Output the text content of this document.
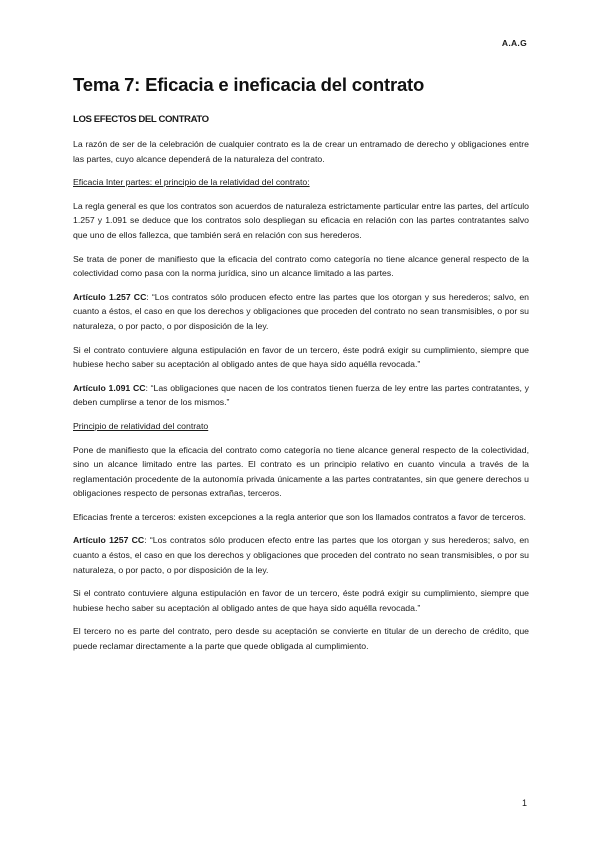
A.A.G
Tema 7: Eficacia e ineficacia del contrato
LOS EFECTOS DEL CONTRATO

La razón de ser de la celebración de cualquier contrato es la de crear un entramado de derecho y obligaciones entre las partes, cuyo alcance dependerá de la naturaleza del contrato.

Eficacia Inter partes: el principio de la relatividad del contrato:

La regla general es que los contratos son acuerdos de naturaleza estrictamente particular entre las partes, del artículo 1.257 y 1.091 se deduce que los contratos solo despliegan su eficacia en relación con las partes contratantes salvo que uno de ellos fallezca, que también será en relación con sus herederos.

Se trata de poner de manifiesto que la eficacia del contrato como categoría no tiene alcance general respecto de la colectividad como pasa con la norma jurídica, sino un alcance limitado a las partes.

Artículo 1.257 CC: “Los contratos sólo producen efecto entre las partes que los otorgan y sus herederos; salvo, en cuanto a éstos, el caso en que los derechos y obligaciones que proceden del contrato no sean transmisibles, o por su naturaleza, o por pacto, o por disposición de la ley.

Si el contrato contuviere alguna estipulación en favor de un tercero, éste podrá exigir su cumplimiento, siempre que hubiese hecho saber su aceptación al obligado antes de que haya sido aquélla revocada.”

Artículo 1.091 CC: “Las obligaciones que nacen de los contratos tienen fuerza de ley entre las partes contratantes, y deben cumplirse a tenor de los mismos.”

Principio de relatividad del contrato

Pone de manifiesto que la eficacia del contrato como categoría no tiene alcance general respecto de la colectividad, sino un alcance limitado entre las partes. El contrato es un principio relativo en cuanto vincula a través de la reglamentación procedente de la autonomía privada únicamente a las partes contratantes, sin que genere derechos u obligaciones respecto de personas extrañas, terceros.

Eficacias frente a terceros: existen excepciones a la regla anterior que son los llamados contratos a favor de terceros.

Artículo 1257 CC: “Los contratos sólo producen efecto entre las partes que los otorgan y sus herederos; salvo, en cuanto a éstos, el caso en que los derechos y obligaciones que proceden del contrato no sean transmisibles, o por su naturaleza, o por pacto, o por disposición de la ley.

Si el contrato contuviere alguna estipulación en favor de un tercero, éste podrá exigir su cumplimiento, siempre que hubiese hecho saber su aceptación al obligado antes de que haya sido aquélla revocada.”

El tercero no es parte del contrato, pero desde su aceptación se convierte en titular de un derecho de crédito, que puede reclamar directamente a la parte que quede obligada al cumplimiento.

1
